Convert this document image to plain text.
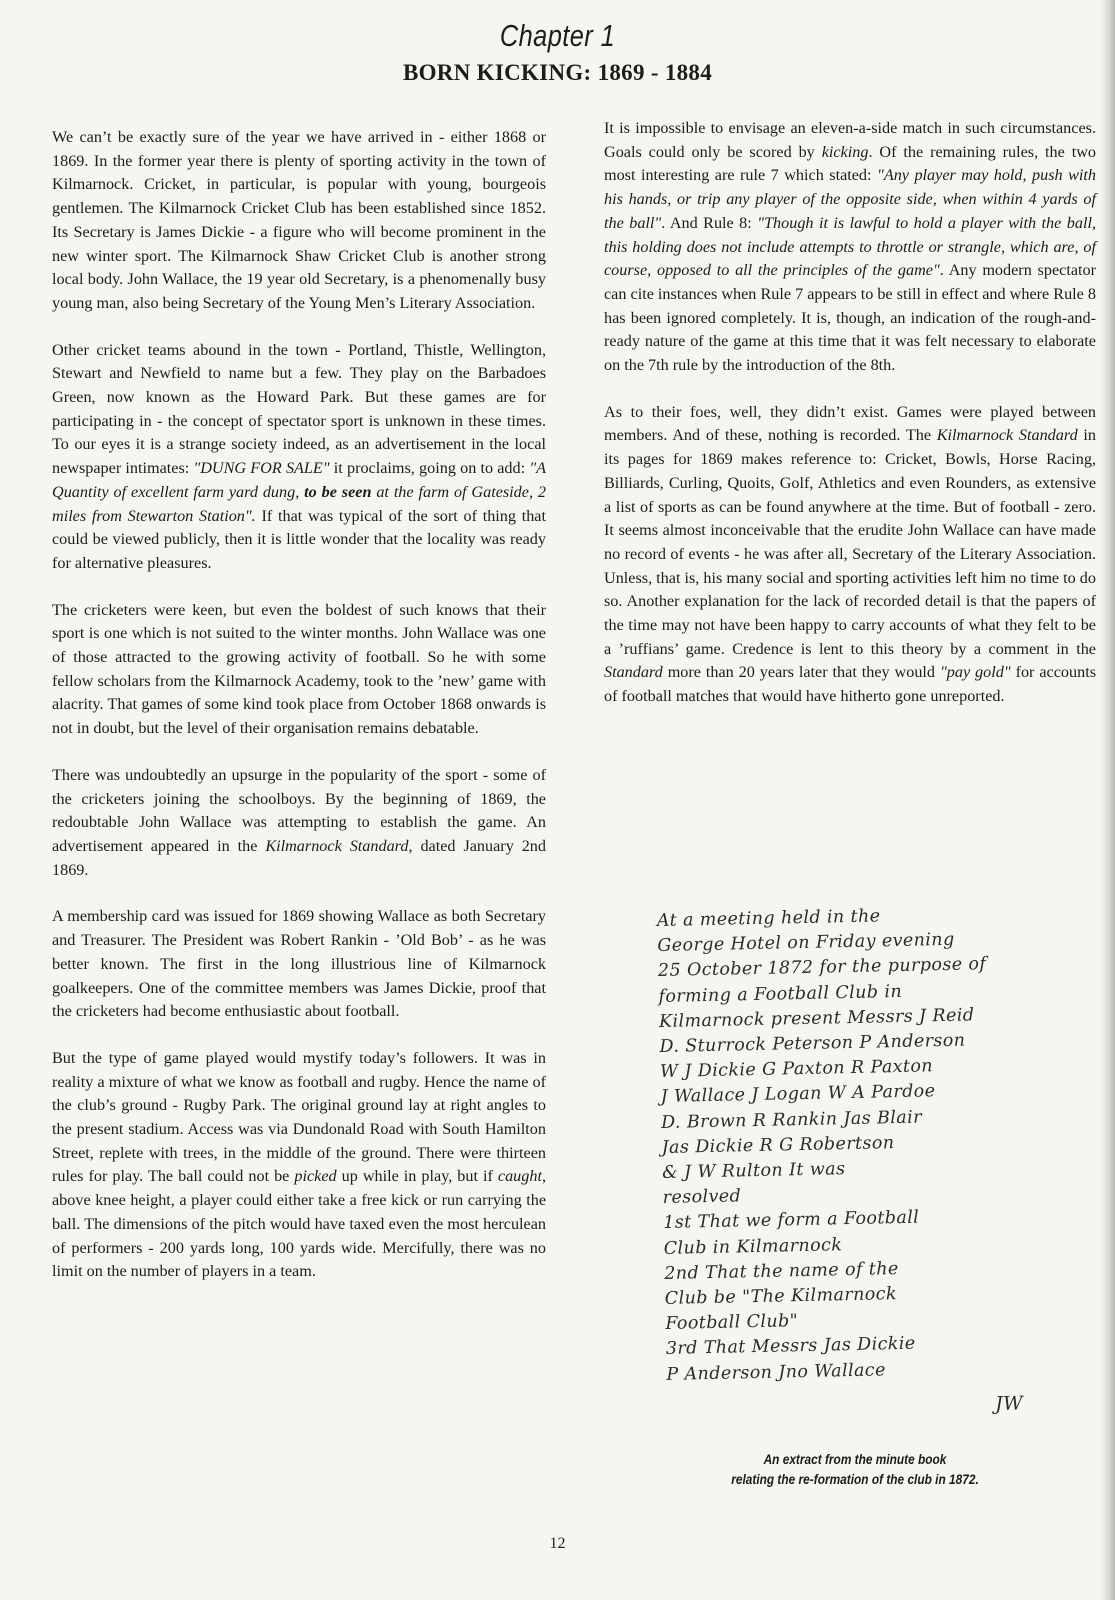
Chapter 1
BORN KICKING: 1869 - 1884

We can’t be exactly sure of the year we have arrived in - either 1868 or 1869. In the former year there is plenty of sporting activity in the town of Kilmarnock. Cricket, in particular, is popular with young, bourgeois gentlemen. The Kilmarnock Cricket Club has been established since 1852. Its Secretary is James Dickie - a figure who will become prominent in the new winter sport. The Kilmarnock Shaw Cricket Club is another strong local body. John Wallace, the 19 year old Secretary, is a phenomenally busy young man, also being Secretary of the Young Men’s Literary Association.

Other cricket teams abound in the town - Portland, Thistle, Wellington, Stewart and Newfield to name but a few. They play on the Barbadoes Green, now known as the Howard Park. But these games are for participating in - the concept of spectator sport is unknown in these times. To our eyes it is a strange society indeed, as an advertisement in the local newspaper intimates: "DUNG FOR SALE" it proclaims, going on to add: "A Quantity of excellent farm yard dung, to be seen at the farm of Gateside, 2 miles from Stewarton Station". If that was typical of the sort of thing that could be viewed publicly, then it is little wonder that the locality was ready for alternative pleasures.

The cricketers were keen, but even the boldest of such knows that their sport is one which is not suited to the winter months. John Wallace was one of those attracted to the growing activity of football. So he with some fellow scholars from the Kilmarnock Academy, took to the ’new’ game with alacrity. That games of some kind took place from October 1868 onwards is not in doubt, but the level of their organisation remains debatable.

There was undoubtedly an upsurge in the popularity of the sport - some of the cricketers joining the schoolboys. By the beginning of 1869, the redoubtable John Wallace was attempting to establish the game. An advertisement appeared in the Kilmarnock Standard, dated January 2nd 1869.

A membership card was issued for 1869 showing Wallace as both Secretary and Treasurer. The President was Robert Rankin - ’Old Bob’ - as he was better known. The first in the long illustrious line of Kilmarnock goalkeepers. One of the committee members was James Dickie, proof that the cricketers had become enthusiastic about football.

But the type of game played would mystify today’s followers. It was in reality a mixture of what we know as football and rugby. Hence the name of the club’s ground - Rugby Park. The original ground lay at right angles to the present stadium. Access was via Dundonald Road with South Hamilton Street, replete with trees, in the middle of the ground. There were thirteen rules for play. The ball could not be picked up while in play, but if caught, above knee height, a player could either take a free kick or run carrying the ball. The dimensions of the pitch would have taxed even the most herculean of performers - 200 yards long, 100 yards wide. Mercifully, there was no limit on the number of players in a team.

It is impossible to envisage an eleven-a-side match in such circumstances. Goals could only be scored by kicking. Of the remaining rules, the two most interesting are rule 7 which stated: "Any player may hold, push with his hands, or trip any player of the opposite side, when within 4 yards of the ball". And Rule 8: "Though it is lawful to hold a player with the ball, this holding does not include attempts to throttle or strangle, which are, of course, opposed to all the principles of the game". Any modern spectator can cite instances when Rule 7 appears to be still in effect and where Rule 8 has been ignored completely. It is, though, an indication of the rough-and-ready nature of the game at this time that it was felt necessary to elaborate on the 7th rule by the introduction of the 8th.

As to their foes, well, they didn’t exist. Games were played between members. And of these, nothing is recorded. The Kilmarnock Standard in its pages for 1869 makes reference to: Cricket, Bowls, Horse Racing, Billiards, Curling, Quoits, Golf, Athletics and even Rounders, as extensive a list of sports as can be found anywhere at the time. But of football - zero. It seems almost inconceivable that the erudite John Wallace can have made no record of events - he was after all, Secretary of the Literary Association. Unless, that is, his many social and sporting activities left him no time to do so. Another explanation for the lack of recorded detail is that the papers of the time may not have been happy to carry accounts of what they felt to be a ’ruffians’ game. Credence is lent to this theory by a comment in the Standard more than 20 years later that they would "pay gold" for accounts of football matches that would have hitherto gone unreported.

At a meeting held in the
George Hotel on Friday evening
25 October 1872 for the purpose of
forming a Football Club in
Kilmarnock present Messrs J Reid
D. Sturrock Peterson P Anderson
W J Dickie G Paxton R Paxton
J Wallace J Logan W A Pardoe
D. Brown R Rankin Jas Blair
Jas Dickie R G Robertson
& J W Rulton It was
resolved
1st That we form a Football
Club in Kilmarnock
2nd That the name of the
Club be "The Kilmarnock
Football Club"
3rd That Messrs Jas Dickie
P Anderson Jno Wallace
JW
An extract from the minute book
relating the re-formation of the club in 1872.
12
